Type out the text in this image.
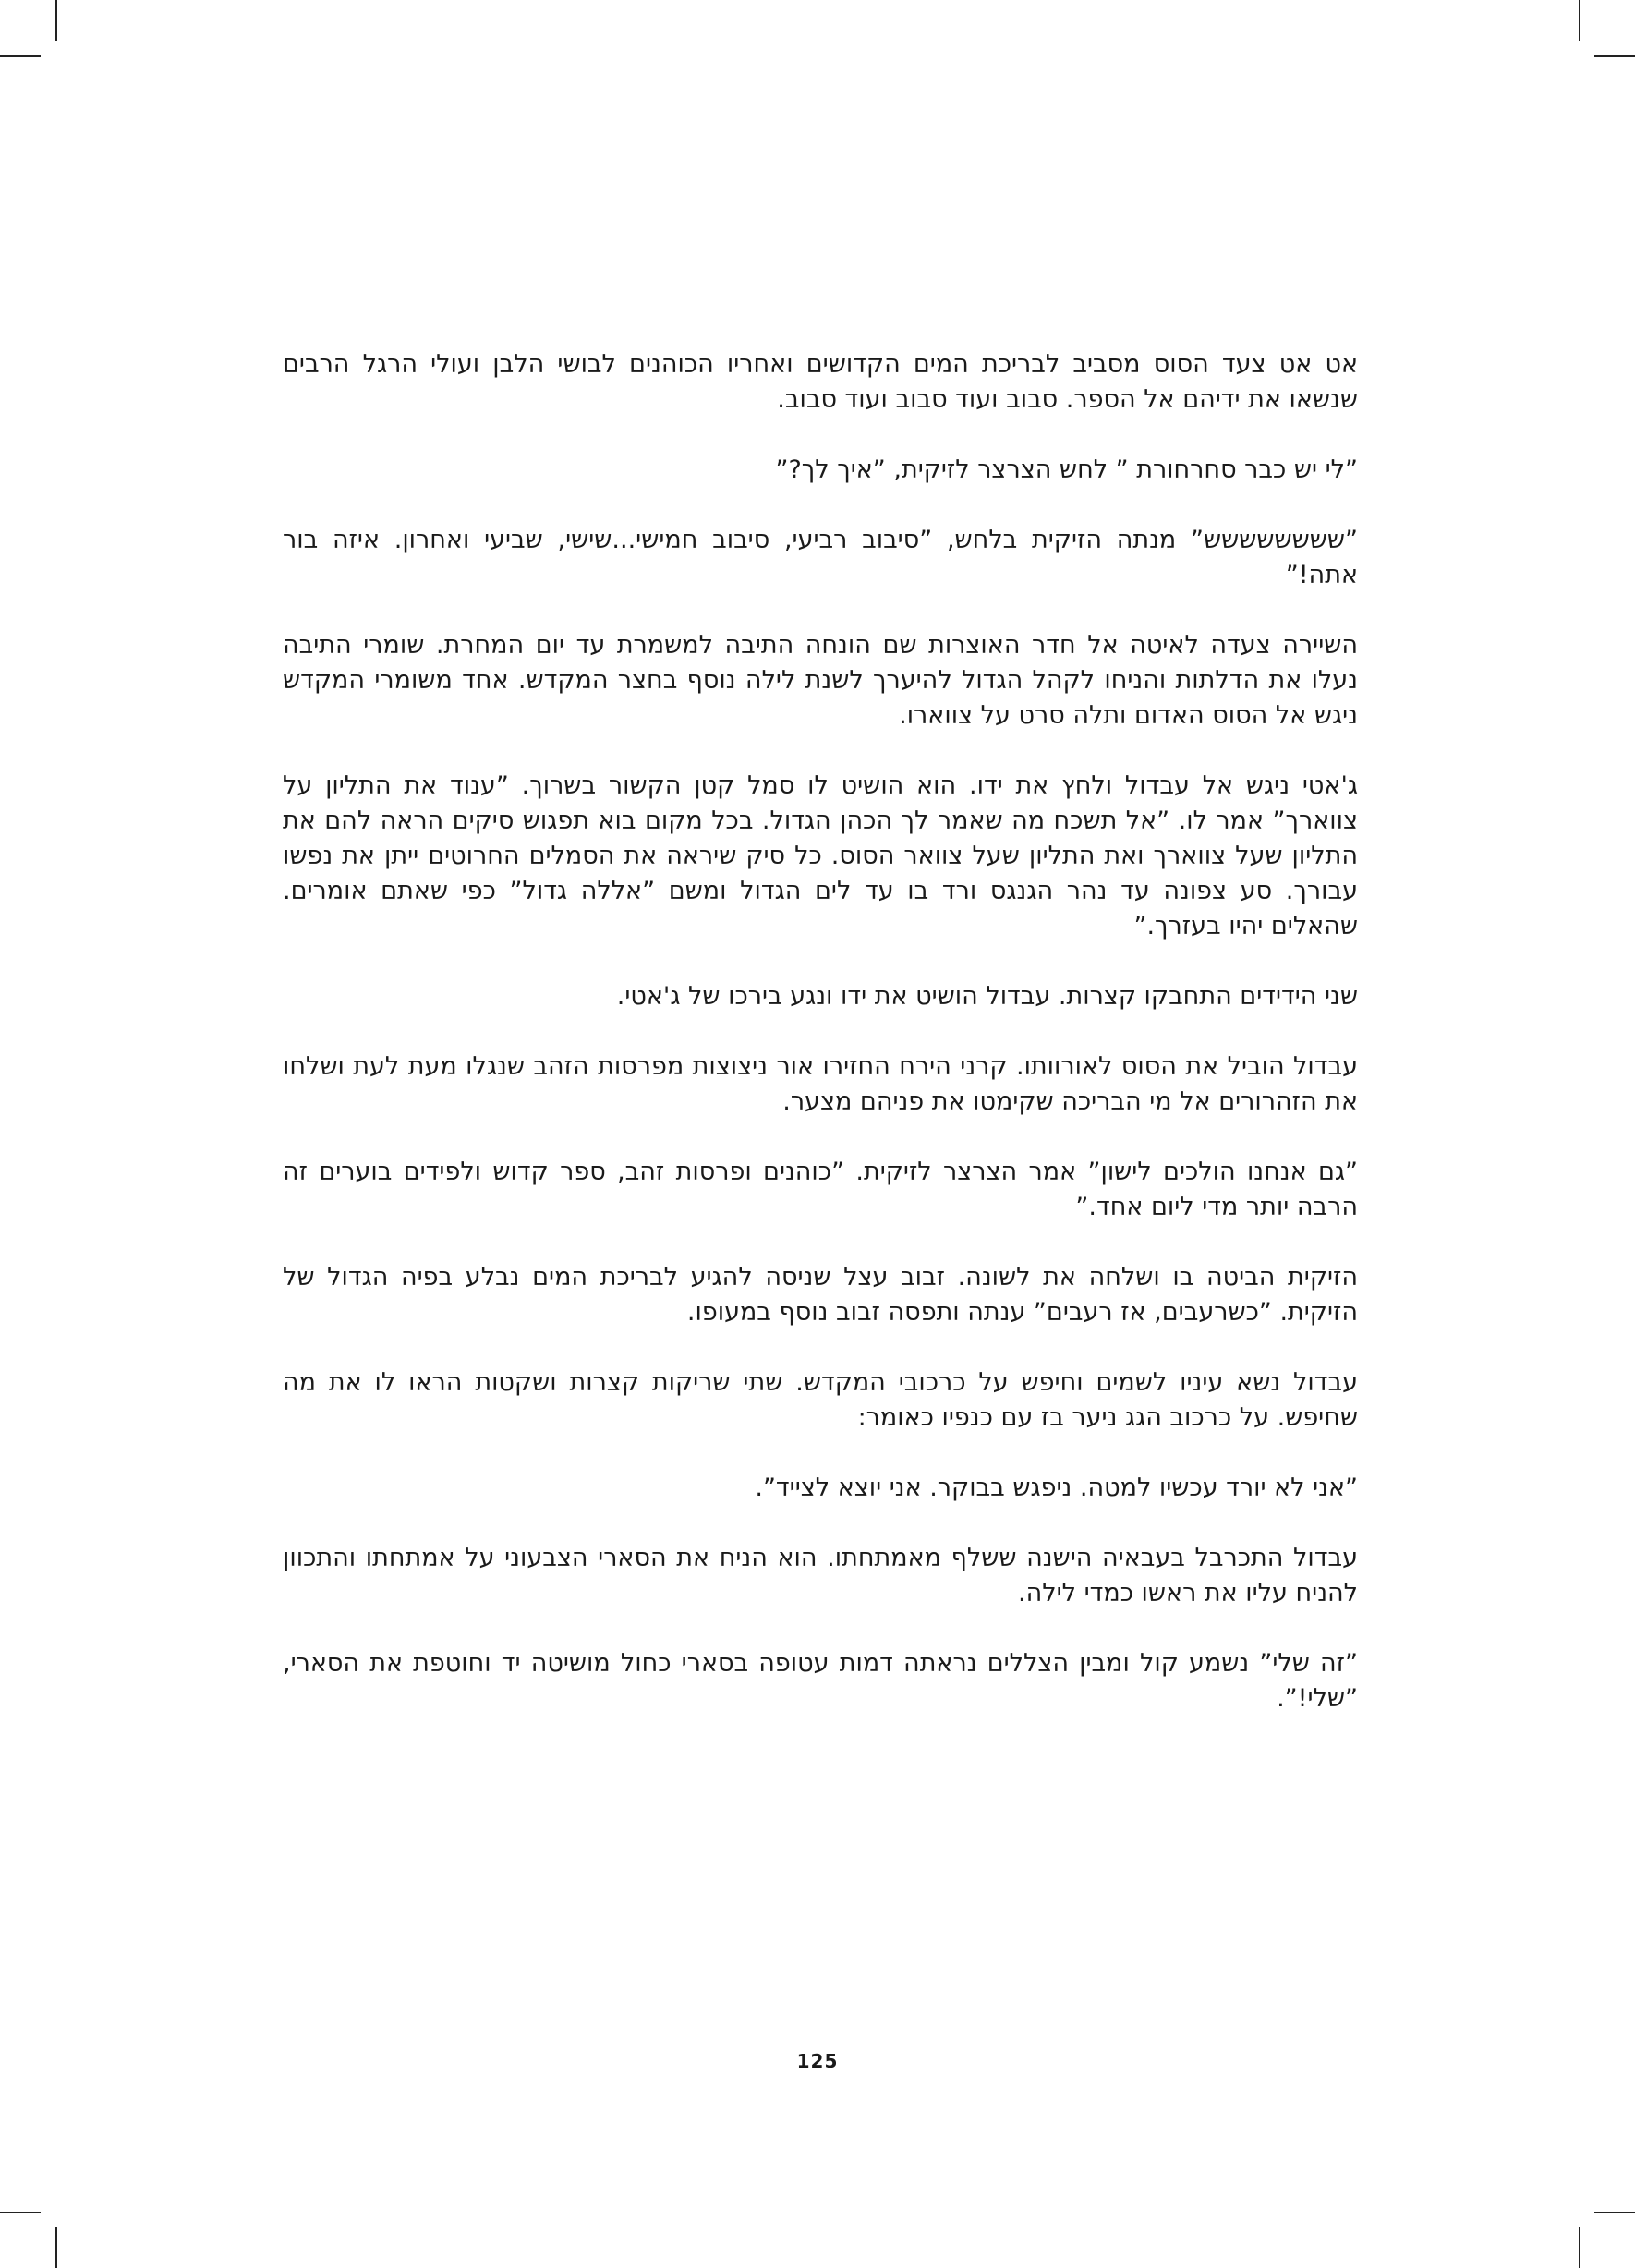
אט אט צעד הסוס מסביב לבריכת המים הקדושים ואחריו הכוהנים לבושי הלבן ועולי הרגל הרבים שנשאו את ידיהם אל הספר. סבוב ועוד סבוב ועוד סבוב.

”לי יש כבר סחרחורת ” לחש הצרצר לזיקית, ”איך לך?”

”שששששששש” מנתה הזיקית בלחש, ”סיבוב רביעי, סיבוב חמישי...שישי, שביעי ואחרון. איזה בור אתה!”

השיירה צעדה לאיטה אל חדר האוצרות שם הונחה התיבה למשמרת עד יום המחרת. שומרי התיבה נעלו את הדלתות והניחו לקהל הגדול להיערך לשנת לילה נוסף בחצר המקדש. אחד משומרי המקדש ניגש אל הסוס האדום ותלה סרט על צווארו.

ג'אטי ניגש אל עבדול ולחץ את ידו. הוא הושיט לו סמל קטן הקשור בשרוך. ”ענוד את התליון על צווארך” אמר לו. ”אל תשכח מה שאמר לך הכהן הגדול. בכל מקום בוא תפגוש סיקים הראה להם את התליון שעל צווארך ואת התליון שעל צוואר הסוס. כל סיק שיראה את הסמלים החרוטים ייתן את נפשו עבורך. סע צפונה עד נהר הגנגס ורד בו עד לים הגדול ומשם ”אללה גדול” כפי שאתם אומרים. שהאלים יהיו בעזרך.”

שני הידידים התחבקו קצרות. עבדול הושיט את ידו ונגע בירכו של ג'אטי.

עבדול הוביל את הסוס לאורוותו. קרני הירח החזירו אור ניצוצות מפרסות הזהב שנגלו מעת לעת ושלחו את הזהרורים אל מי הבריכה שקימטו את פניהם מצער.

”גם אנחנו הולכים לישון” אמר הצרצר לזיקית. ”כוהנים ופרסות זהב, ספר קדוש ולפידים בוערים זה הרבה יותר מדי ליום אחד.”

הזיקית הביטה בו ושלחה את לשונה. זבוב עצל שניסה להגיע לבריכת המים נבלע בפיה הגדול של הזיקית. ”כשרעבים, אז רעבים” ענתה ותפסה זבוב נוסף במעופו.

עבדול נשא עיניו לשמים וחיפש על כרכובי המקדש. שתי שריקות קצרות ושקטות הראו לו את מה שחיפש. על כרכוב הגג ניער בז עם כנפיו כאומר:

”אני לא יורד עכשיו למטה. ניפגש בבוקר. אני יוצא לצייד”.

עבדול התכרבל בעבאיה הישנה ששלף מאמתחתו. הוא הניח את הסארי הצבעוני על אמתחתו והתכוון להניח עליו את ראשו כמדי לילה.

”זה שלי” נשמע קול ומבין הצללים נראתה דמות עטופה בסארי כחול מושיטה יד וחוטפת את הסארי, ”שלי!”.

125
